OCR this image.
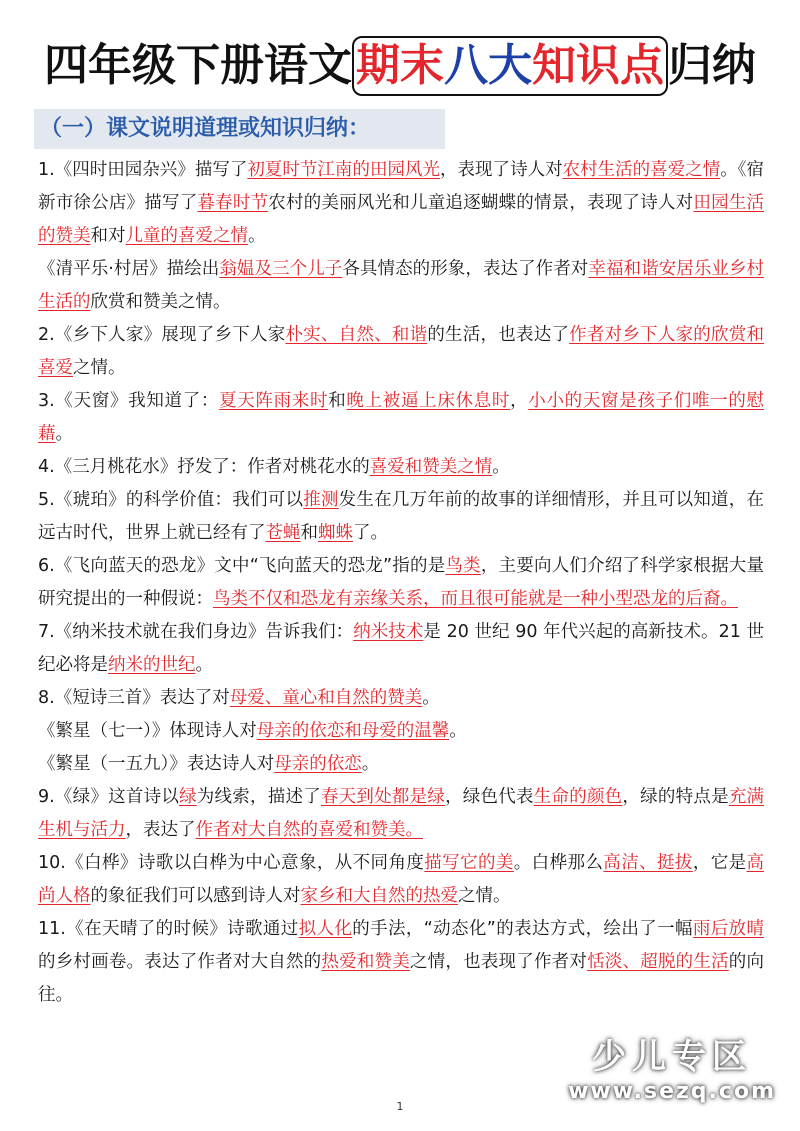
四年级下册语文期末八大知识点归纳
（一）课文说明道理或知识归纳：

1.《四时田园杂兴》描写了初夏时节江南的田园风光，表现了诗人对农村生活的喜爱之情。《宿新市徐公店》描写了暮春时节农村的美丽风光和儿童追逐蝴蝶的情景，表现了诗人对田园生活的赞美和对儿童的喜爱之情。

《清平乐·村居》描绘出翁媪及三个儿子各具情态的形象，表达了作者对幸福和谐安居乐业乡村生活的欣赏和赞美之情。

2.《乡下人家》展现了乡下人家朴实、自然、和谐的生活，也表达了作者对乡下人家的欣赏和喜爱之情。

3.《天窗》我知道了：夏天阵雨来时和晚上被逼上床休息时，小小的天窗是孩子们唯一的慰藉。

4.《三月桃花水》抒发了：作者对桃花水的喜爱和赞美之情。

5.《琥珀》的科学价值：我们可以推测发生在几万年前的故事的详细情形，并且可以知道，在远古时代，世界上就已经有了苍蝇和蜘蛛了。

6.《飞向蓝天的恐龙》文中“飞向蓝天的恐龙”指的是鸟类，主要向人们介绍了科学家根据大量研究提出的一种假说：鸟类不仅和恐龙有亲缘关系，而且很可能就是一种小型恐龙的后裔。

7.《纳米技术就在我们身边》告诉我们：纳米技术是 20 世纪 90 年代兴起的高新技术。21 世纪必将是纳米的世纪。

8.《短诗三首》表达了对母爱、童心和自然的赞美。

《繁星（七一）》体现诗人对母亲的依恋和母爱的温馨。

《繁星（一五九）》表达诗人对母亲的依恋。

9.《绿》这首诗以绿为线索，描述了春天到处都是绿，绿色代表生命的颜色，绿的特点是充满生机与活力，表达了作者对大自然的喜爱和赞美。

10.《白桦》诗歌以白桦为中心意象，从不同角度描写它的美。白桦那么高洁、挺拔，它是高尚人格的象征我们可以感到诗人对家乡和大自然的热爱之情。

11.《在天晴了的时候》诗歌通过拟人化的手法，“动态化”的表达方式，绘出了一幅雨后放晴的乡村画卷。表达了作者对大自然的热爱和赞美之情，也表现了作者对恬淡、超脱的生活的向往。

少儿专区
www.sezq.com
1
